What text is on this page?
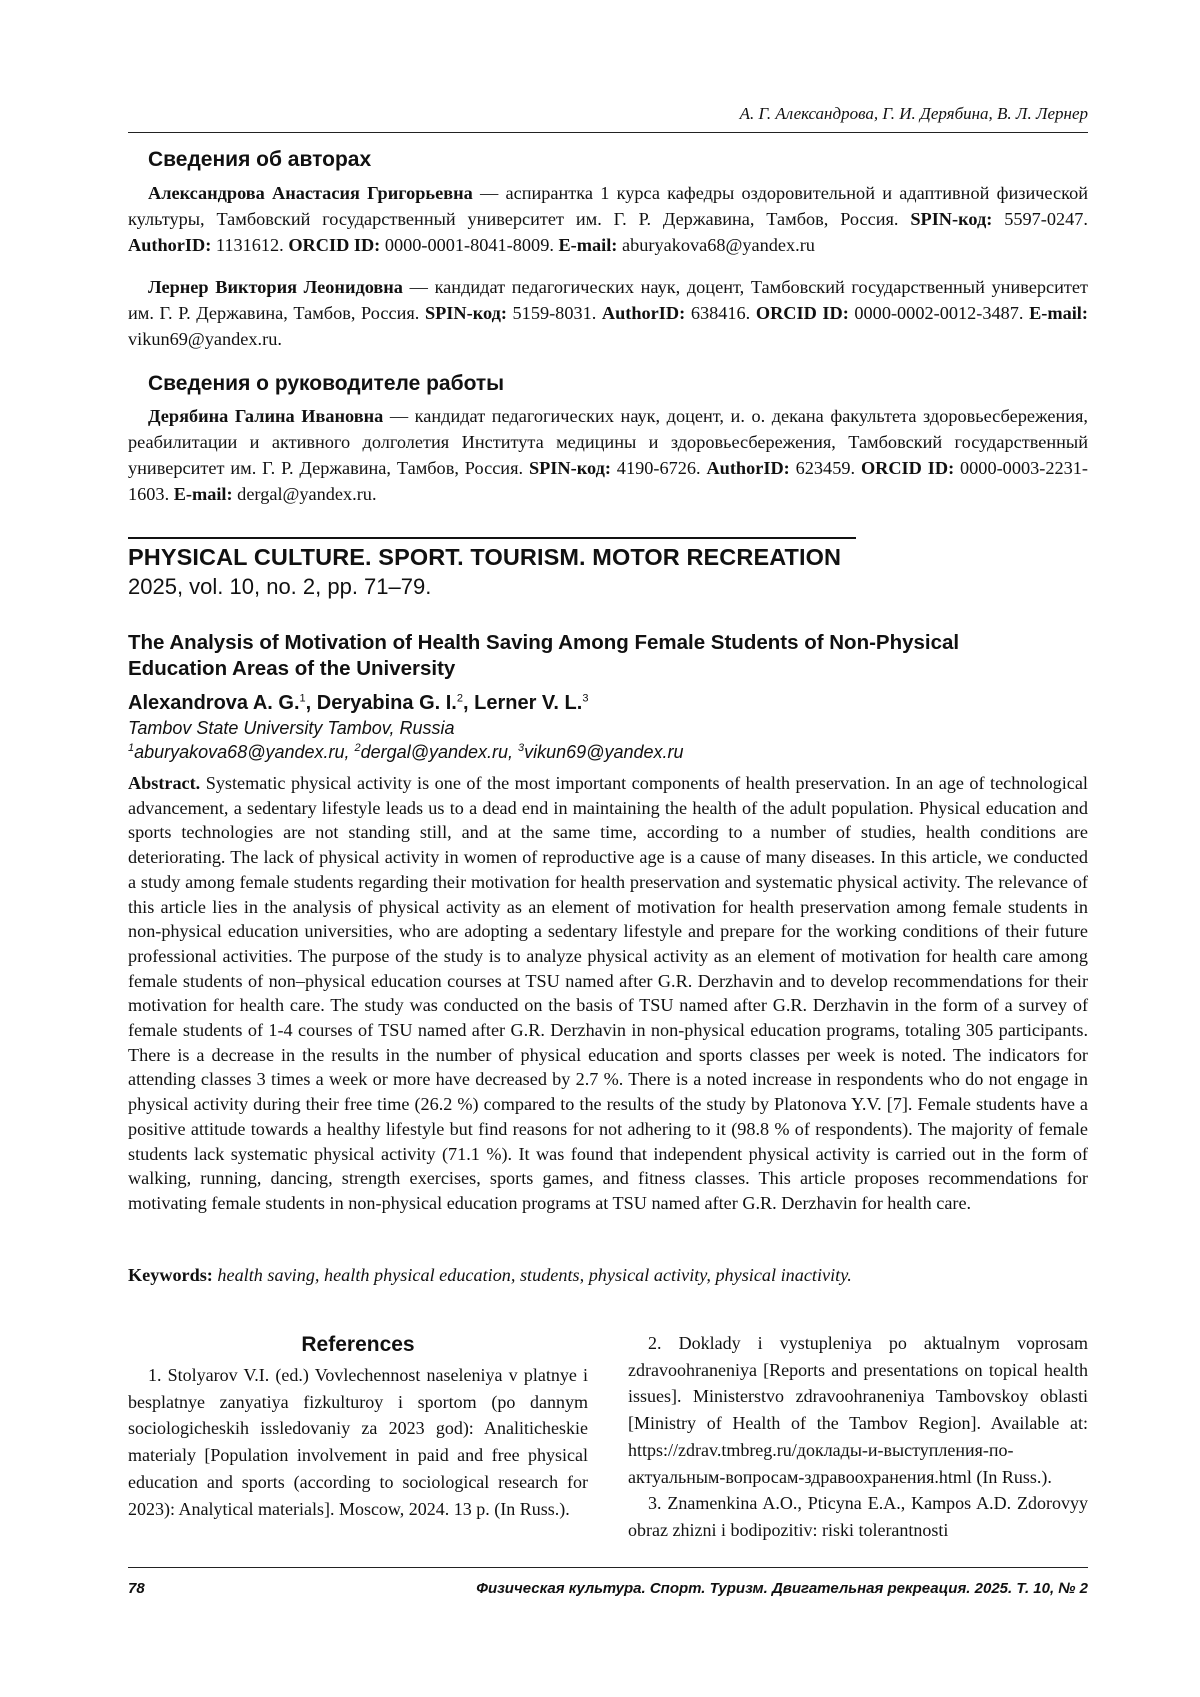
А. Г. Александрова, Г. И. Дерябина, В. Л. Лернер
Сведения об авторах
Александрова Анастасия Григорьевна — аспирантка 1 курса кафедры оздоровительной и адаптивной физической культуры, Тамбовский государственный университет им. Г. Р. Державина, Тамбов, Россия. SPIN-код: 5597-0247. AuthorID: 1131612. ORCID ID: 0000-0001-8041-8009. E-mail: aburyakova68@yandex.ru
Лернер Виктория Леонидовна — кандидат педагогических наук, доцент, Тамбовский государственный университет им. Г. Р. Державина, Тамбов, Россия. SPIN-код: 5159-8031. AuthorID: 638416. ORCID ID: 0000-0002-0012-3487. E-mail: vikun69@yandex.ru.
Сведения о руководителе работы
Дерябина Галина Ивановна — кандидат педагогических наук, доцент, и. о. декана факультета здоровьесбережения, реабилитации и активного долголетия Института медицины и здоровьесбережения, Тамбовский государственный университет им. Г. Р. Державина, Тамбов, Россия. SPIN-код: 4190-6726. AuthorID: 623459. ORCID ID: 0000-0003-2231-1603. E-mail: dergal@yandex.ru.
PHYSICAL CULTURE. SPORT. TOURISM. MOTOR RECREATION
2025, vol. 10, no. 2, pp. 71–79.
The Analysis of Motivation of Health Saving Among Female Students of Non-Physical Education Areas of the University
Alexandrova A. G.$^1$, Deryabina G. I.$^2$, Lerner V. L.$^3$
Tambov State University Tambov, Russia
$^1$aburyakova68@yandex.ru, $^2$dergal@yandex.ru, $^3$vikun69@yandex.ru
Abstract. Systematic physical activity is one of the most important components of health preservation. In an age of technological advancement, a sedentary lifestyle leads us to a dead end in maintaining the health of the adult population. Physical education and sports technologies are not standing still, and at the same time, according to a number of studies, health conditions are deteriorating. The lack of physical activity in women of reproductive age is a cause of many diseases. In this article, we conducted a study among female students regarding their motivation for health preservation and systematic physical activity. The relevance of this article lies in the analysis of physical activity as an element of motivation for health preservation among female students in non-physical education universities, who are adopting a sedentary lifestyle and prepare for the working conditions of their future professional activities. The purpose of the study is to analyze physical activity as an element of motivation for health care among female students of non–physical education courses at TSU named after G.R. Derzhavin and to develop recommendations for their motivation for health care. The study was conducted on the basis of TSU named after G.R. Derzhavin in the form of a survey of female students of 1-4 courses of TSU named after G.R. Derzhavin in non-physical education programs, totaling 305 participants. There is a decrease in the results in the number of physical education and sports classes per week is noted. The indicators for attending classes 3 times a week or more have decreased by 2.7 %. There is a noted increase in respondents who do not engage in physical activity during their free time (26.2 %) compared to the results of the study by Platonova Y.V. [7]. Female students have a positive attitude towards a healthy lifestyle but find reasons for not adhering to it (98.8 % of respondents). The majority of female students lack systematic physical activity (71.1 %). It was found that independent physical activity is carried out in the form of walking, running, dancing, strength exercises, sports games, and fitness classes. This article proposes recommendations for motivating female students in non-physical education programs at TSU named after G.R. Derzhavin for health care.
Keywords: health saving, health physical education, students, physical activity, physical inactivity.
References

1. Stolyarov V.I. (ed.) Vovlechennost naseleniya v platnye i besplatnye zanyatiya fizkulturoy i sportom (po dannym sociologicheskih issledovaniy za 2023 god): Analiticheskie materialy [Population involvement in paid and free physical education and sports (according to sociological research for 2023): Analytical materials]. Moscow, 2024. 13 p. (In Russ.).

2. Doklady i vystupleniya po aktualnym voprosam zdravoohraneniya [Reports and presentations on topical health issues]. Ministerstvo zdravoohraneniya Tambovskoy oblasti [Ministry of Health of the Tambov Region]. Available at: https://zdrav.tmbreg.ru/доклады-и-выступления-по-актуальным-вопросам-здравоохранения.html (In Russ.).

3. Znamenkina A.O., Pticyna E.A., Kampos A.D. Zdorovyy obraz zhizni i bodipozitiv: riski tolerantnosti

78	Физическая культура. Спорт. Туризм. Двигательная рекреация. 2025. Т. 10, № 2
